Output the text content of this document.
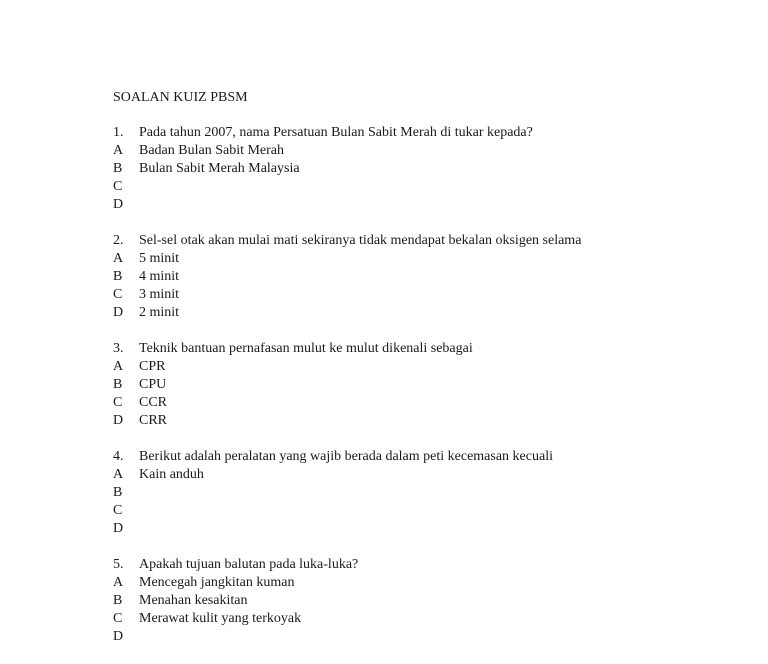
SOALAN KUIZ PBSM
1.	Pada tahun 2007, nama Persatuan Bulan Sabit Merah di tukar kepada?
A	Badan Bulan Sabit Merah
B	Bulan Sabit Merah Malaysia
C
D
2.	Sel-sel otak akan mulai mati sekiranya tidak mendapat bekalan oksigen selama
A	5 minit
B	4 minit
C	3 minit
D	2 minit
3.	Teknik bantuan pernafasan mulut ke mulut dikenali sebagai
A	CPR
B	CPU
C	CCR
D	CRR
4.	Berikut adalah peralatan yang wajib berada dalam peti kecemasan kecuali
A	Kain anduh
B
C
D
5.	Apakah tujuan balutan pada luka-luka?
A	Mencegah jangkitan kuman
B	Menahan kesakitan
C	Merawat kulit yang terkoyak
D
